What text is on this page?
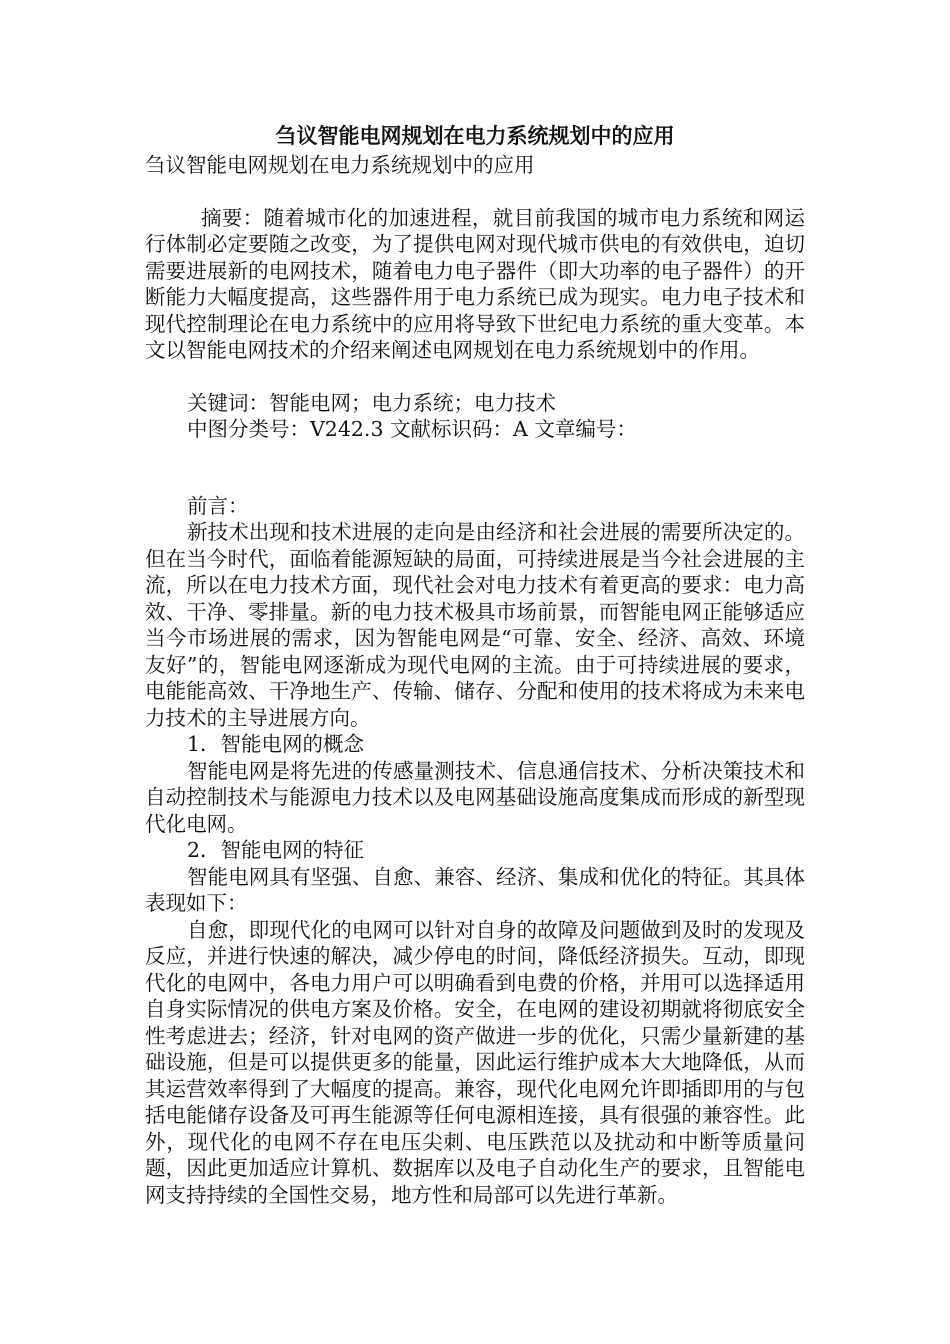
刍议智能电网规划在电力系统规划中的应用

刍议智能电网规划在电力系统规划中的应用

摘要：随着城市化的加速进程，就目前我国的城市电力系统和网运行体制必定要随之改变，为了提供电网对现代城市供电的有效供电，迫切需要进展新的电网技术，随着电力电子器件（即大功率的电子器件）的开断能力大幅度提高，这些器件用于电力系统已成为现实。电力电子技术和现代控制理论在电力系统中的应用将导致下世纪电力系统的重大变革。本文以智能电网技术的介绍来阐述电网规划在电力系统规划中的作用。

关键词：智能电网；电力系统；电力技术

中图分类号：V242.3 文献标识码：A 文章编号：

前言：

新技术出现和技术进展的走向是由经济和社会进展的需要所决定的。但在当今时代，面临着能源短缺的局面，可持续进展是当今社会进展的主流，所以在电力技术方面，现代社会对电力技术有着更高的要求：电力高效、干净、零排量。新的电力技术极具市场前景，而智能电网正能够适应当今市场进展的需求，因为智能电网是“可靠、安全、经济、高效、环境友好”的，智能电网逐渐成为现代电网的主流。由于可持续进展的要求，电能能高效、干净地生产、传输、储存、分配和使用的技术将成为未来电力技术的主导进展方向。

1．智能电网的概念

智能电网是将先进的传感量测技术、信息通信技术、分析决策技术和自动控制技术与能源电力技术以及电网基础设施高度集成而形成的新型现代化电网。

2．智能电网的特征

智能电网具有坚强、自愈、兼容、经济、集成和优化的特征。其具体表现如下：

自愈，即现代化的电网可以针对自身的故障及问题做到及时的发现及反应，并进行快速的解决，减少停电的时间，降低经济损失。互动，即现代化的电网中，各电力用户可以明确看到电费的价格，并用可以选择适用自身实际情况的供电方案及价格。安全，在电网的建设初期就将彻底安全性考虑进去；经济，针对电网的资产做进一步的优化，只需少量新建的基础设施，但是可以提供更多的能量，因此运行维护成本大大地降低，从而其运营效率得到了大幅度的提高。兼容，现代化电网允许即插即用的与包括电能储存设备及可再生能源等任何电源相连接，具有很强的兼容性。此外，现代化的电网不存在电压尖刺、电压跌范以及扰动和中断等质量问题，因此更加适应计算机、数据库以及电子自动化生产的要求，且智能电网支持持续的全国性交易，地方性和局部可以先进行革新。
